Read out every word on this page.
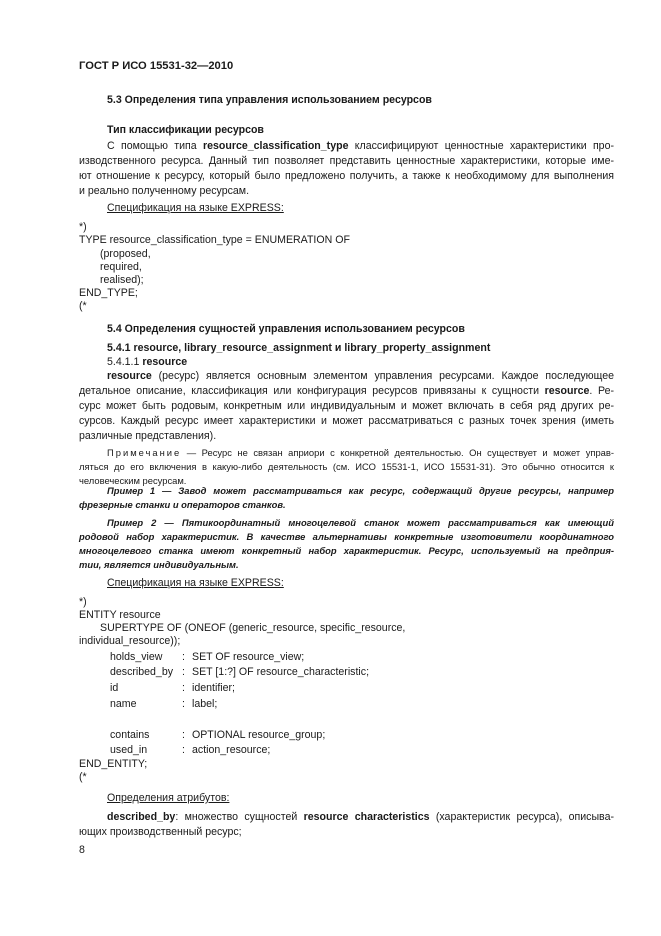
ГОСТ Р ИСО 15531-32—2010
5.3 Определения типа управления использованием ресурсов
Тип классификации ресурсов
С помощью типа resource_classification_type классифицируют ценностные характеристики про-
изводственного ресурса. Данный тип позволяет представить ценностные характеристики, которые име-
ют отношение к ресурсу, который было предложено получить, а также к необходимому для выполнения
и реально полученному ресурсам.
Спецификация на языке EXPRESS:
*)
TYPE resource_classification_type = ENUMERATION OF
(proposed,
required,
realised);
END_TYPE;
(*
5.4 Определения сущностей управления использованием ресурсов
5.4.1 resource, library_resource_assignment и library_property_assignment
5.4.1.1 resource
resource (ресурс) является основным элементом управления ресурсами. Каждое последующее
детальное описание, классификация или конфигурация ресурсов привязаны к сущности resource. Ре-
сурс может быть родовым, конкретным или индивидуальным и может включать в себя ряд других ре-
сурсов. Каждый ресурс имеет характеристики и может рассматриваться с разных точек зрения (иметь
различные представления).
Примечание — Ресурс не связан априори с конкретной деятельностью. Он существует и может управ-
ляться до его включения в какую-либо деятельность (см. ИСО 15531-1, ИСО 15531-31). Это обычно относится к
человеческим ресурсам.
Пример 1 — Завод может рассматриваться как ресурс, содержащий другие ресурсы, например
фрезерные станки и операторов станков.
Пример 2 — Пятикоординатный многоцелевой станок может рассматриваться как имеющий
родовой набор характеристик. В качестве альтернативы конкретные изготовители координатного
многоцелевого станка имеют конкретный набор характеристик. Ресурс, используемый на предприя-
тии, является индивидуальным.
Спецификация на языке EXPRESS:
*)
ENTITY resource
SUPERTYPE OF (ONEOF (generic_resource, specific_resource,
individual_resource));
holds_view : SET OF resource_view;
described_by : SET [1:?] OF resource_characteristic;
id	: identifier;
name	: label;
contains	: OPTIONAL resource_group;
used_in	: action_resource;
END_ENTITY;
(*
Определения атрибутов:
described_by: множество сущностей resource characteristics (характеристик ресурса), описыва-
ющих производственный ресурс;
8
